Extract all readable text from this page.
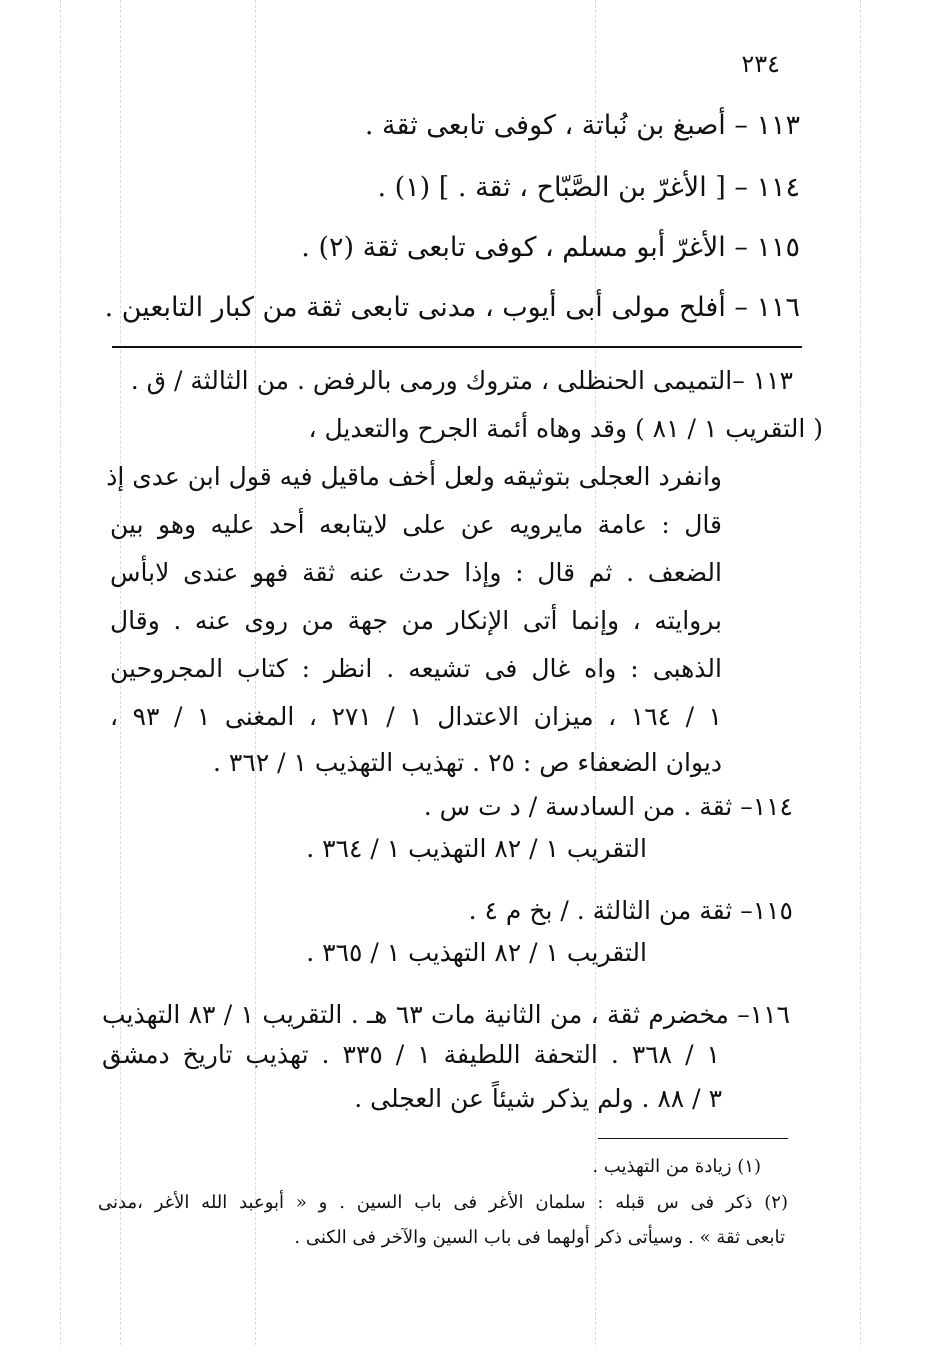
٢٣٤
١١٣ – أصبغ بن نُباتة ، كوفى تابعى ثقة .
١١٤ – [ الأغرّ بن الصَّبّاح ، ثقة . ] (١) .
١١٥ – الأغرّ أبو مسلم ، كوفى تابعى ثقة (٢) .
١١٦ – أفلح مولى أبى أيوب ، مدنى تابعى ثقة من كبار التابعين .
١١٣ –التميمى الحنظلى ، متروك ورمى بالرفض . من الثالثة / ق .
( التقريب ١ / ٨١ ) وقد وهاه أئمة الجرح والتعديل ،
وانفرد العجلى بتوثيقه ولعل أخف ماقيل فيه قول ابن عدى إذ
قال : عامة مايرويه عن على لايتابعه أحد عليه وهو بين
الضعف . ثم قال : وإذا حدث عنه ثقة فهو عندى لابأس
بروايته ، وإنما أتى الإنكار من جهة من روى عنه . وقال
الذهبى : واه غال فى تشيعه . انظر : كتاب المجروحين
١ / ١٦٤ ، ميزان الاعتدال ١ / ٢٧١ ، المغنى ١ / ٩٣ ،
ديوان الضعفاء ص : ٢٥ . تهذيب التهذيب ١ / ٣٦٢ .
١١٤– ثقة . من السادسة / د ت س .
التقريب ١ / ٨٢ التهذيب ١ / ٣٦٤ .
١١٥– ثقة من الثالثة . / بخ م ٤ .
التقريب ١ / ٨٢ التهذيب ١ / ٣٦٥ .
١١٦– مخضرم ثقة ، من الثانية مات ٦٣ هـ . التقريب ١ / ٨٣ التهذيب
١ / ٣٦٨ . التحفة اللطيفة ١ / ٣٣٥ . تهذيب تاريخ دمشق
٣ / ٨٨ . ولم يذكر شيئاً عن العجلى .
(١) زيادة من التهذيب .
(٢) ذكر فى س قبله : سلمان الأغر فى باب السين . و « أبوعبد الله الأغر ،مدنى
تابعى ثقة » . وسيأتى ذكر أولهما فى باب السين والآخر فى الكنى .
